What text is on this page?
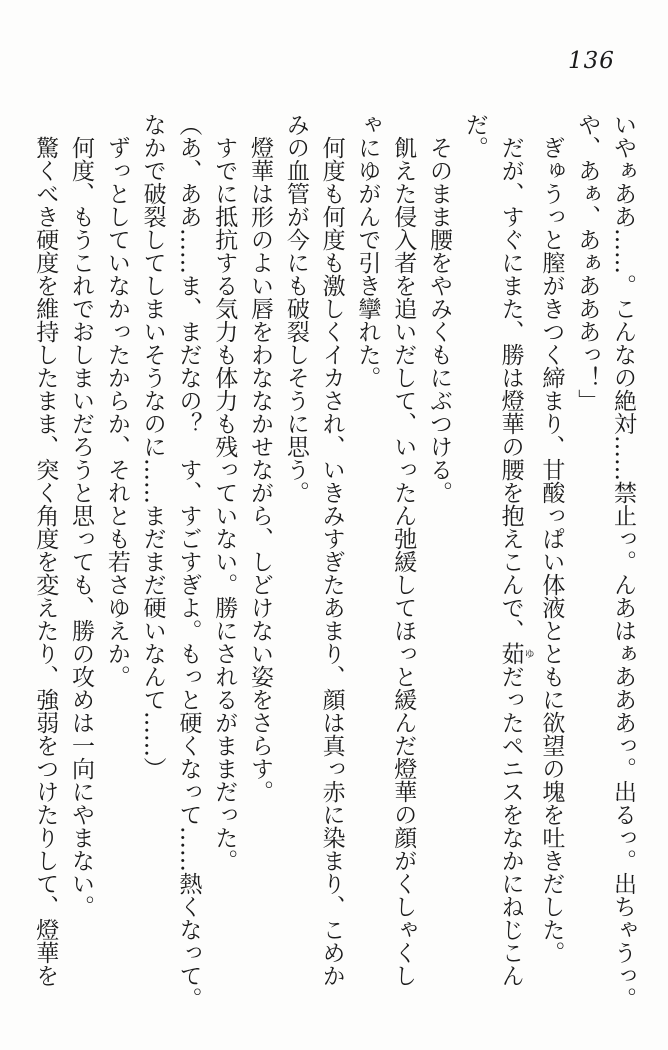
136
いやぁああ……。こんなの絶対……禁止っ。んあはぁあああっ。出るっ。出ちゃうっ。
や、あぁ、あぁあああっ！」
　ぎゅうっと膣がきつく締まり、甘酸っぱい体液とともに欲望の塊を吐きだした。
　だが、すぐにまた、勝は燈華の腰を抱えこんで、茹ゆだったペニスをなかにねじこん
だ。
　そのまま腰をやみくもにぶつける。
　飢えた侵入者を追いだして、いったん弛緩してほっと緩んだ燈華の顔がくしゃくし
ゃにゆがんで引き攣れた。
　何度も何度も激しくイカされ、いきみすぎたあまり、顔は真っ赤に染まり、こめか
みの血管が今にも破裂しそうに思う。
　燈華は形のよい唇をわななかせながら、しどけない姿をさらす。
　すでに抵抗する気力も体力も残っていない。勝にされるがままだった。
（あ、ああ……ま、まだなの？　す、すごすぎよ。もっと硬くなって……熱くなって。
なかで破裂してしまいそうなのに……まだまだ硬いなんて……）
　ずっとしていなかったからか、それとも若さゆえか。
　何度、もうこれでおしまいだろうと思っても、勝の攻めは一向にやまない。
　驚くべき硬度を維持したまま、突く角度を変えたり、強弱をつけたりして、燈華を
